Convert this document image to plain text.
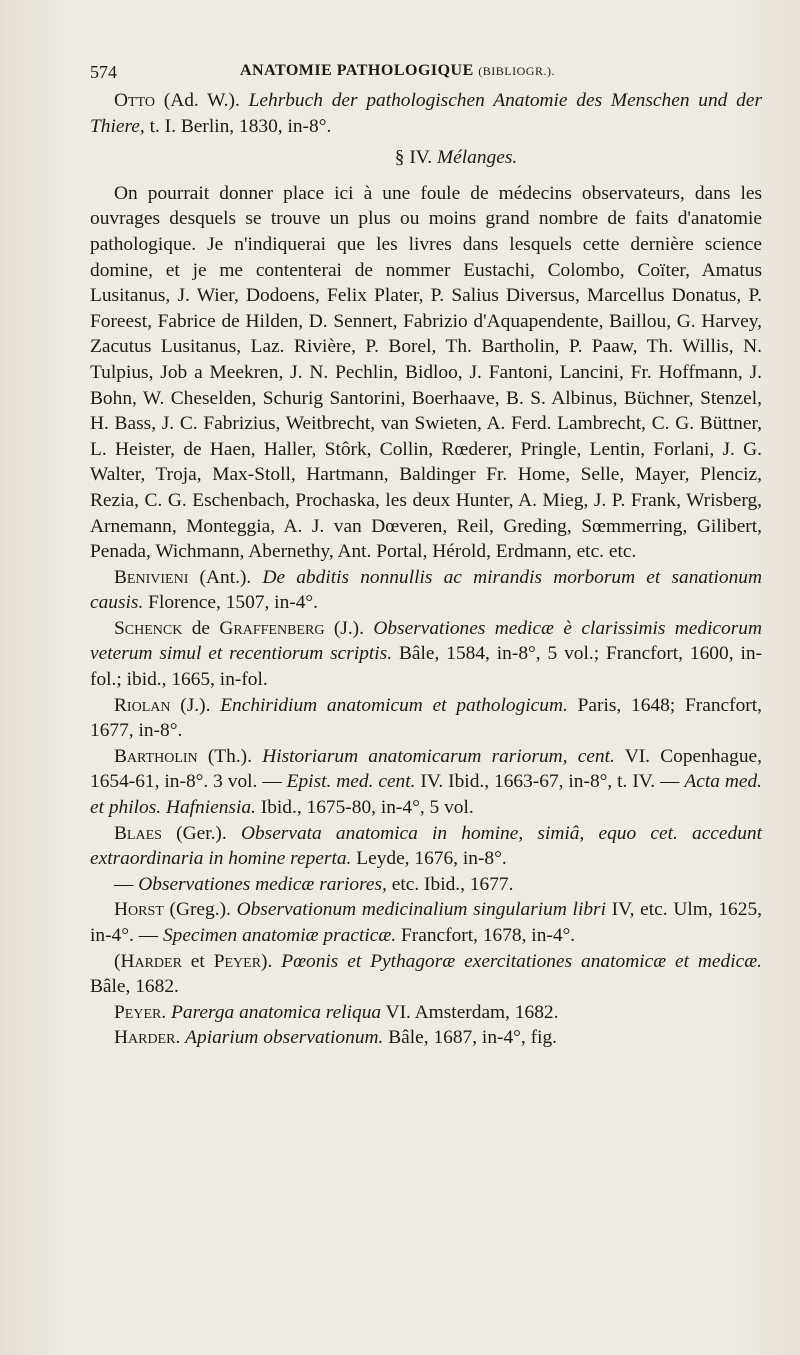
574	ANATOMIE PATHOLOGIQUE (BIBLIOGR.).

Otto (Ad. W.). Lehrbuch der pathologischen Anatomie des Menschen und der Thiere, t. I. Berlin, 1830, in-8°.

§ IV. Mélanges.

On pourrait donner place ici à une foule de médecins observateurs, dans les ouvrages desquels se trouve un plus ou moins grand nombre de faits d'anatomie pathologique. Je n'indiquerai que les livres dans lesquels cette dernière science domine, et je me contenterai de nommer Eustachi, Colombo, Coïter, Amatus Lusitanus, J. Wier, Dodoens, Felix Plater, P. Salius Diversus, Marcellus Donatus, P. Foreest, Fabrice de Hilden, D. Sennert, Fabrizio d'Aquapendente, Baillou, G. Harvey, Zacutus Lusitanus, Laz. Rivière, P. Borel, Th. Bartholin, P. Paaw, Th. Willis, N. Tulpius, Job a Meekren, J. N. Pechlin, Bidloo, J. Fantoni, Lancini, Fr. Hoffmann, J. Bohn, W. Cheselden, Schurig Santorini, Boerhaave, B. S. Albinus, Büchner, Stenzel, H. Bass, J. C. Fabrizius, Weitbrecht, van Swieten, A. Ferd. Lambrecht, C. G. Büttner, L. Heister, de Haen, Haller, Stôrk, Collin, Rœderer, Pringle, Lentin, Forlani, J. G. Walter, Troja, Max-Stoll, Hartmann, Baldinger Fr. Home, Selle, Mayer, Plenciz, Rezia, C. G. Eschenbach, Prochaska, les deux Hunter, A. Mieg, J. P. Frank, Wrisberg, Arnemann, Monteggia, A. J. van Dœveren, Reil, Greding, Sœmmerring, Gilibert, Penada, Wichmann, Abernethy, Ant. Portal, Hérold, Erdmann, etc. etc.

Benivieni (Ant.). De abditis nonnullis ac mirandis morborum et sanationum causis. Florence, 1507, in-4°.

Schenck de Graffenberg (J.). Observationes medicæ è clarissimis medicorum veterum simul et recentiorum scriptis. Bâle, 1584, in-8°, 5 vol.; Francfort, 1600, in-fol.; ibid., 1665, in-fol.

Riolan (J.). Enchiridium anatomicum et pathologicum. Paris, 1648; Francfort, 1677, in-8°.

Bartholin (Th.). Historiarum anatomicarum rariorum, cent. VI. Copenhague, 1654-61, in-8°. 3 vol. — Epist. med. cent. IV. Ibid., 1663-67, in-8°, t. IV. — Acta med. et philos. Hafniensia. Ibid., 1675-80, in-4°, 5 vol.

Blaes (Ger.). Observata anatomica in homine, simiâ, equo cet. accedunt extraordinaria in homine reperta. Leyde, 1676, in-8°.

— Observationes medicæ rariores, etc. Ibid., 1677.

Horst (Greg.). Observationum medicinalium singularium libri IV, etc. Ulm, 1625, in-4°. — Specimen anatomiæ practicæ. Francfort, 1678, in-4°.

(Harder et Peyer). Pœonis et Pythagoræ exercitationes anatomicæ et medicæ. Bâle, 1682.

Peyer. Parerga anatomica reliqua VI. Amsterdam, 1682.

Harder. Apiarium observationum. Bâle, 1687, in-4°, fig.
